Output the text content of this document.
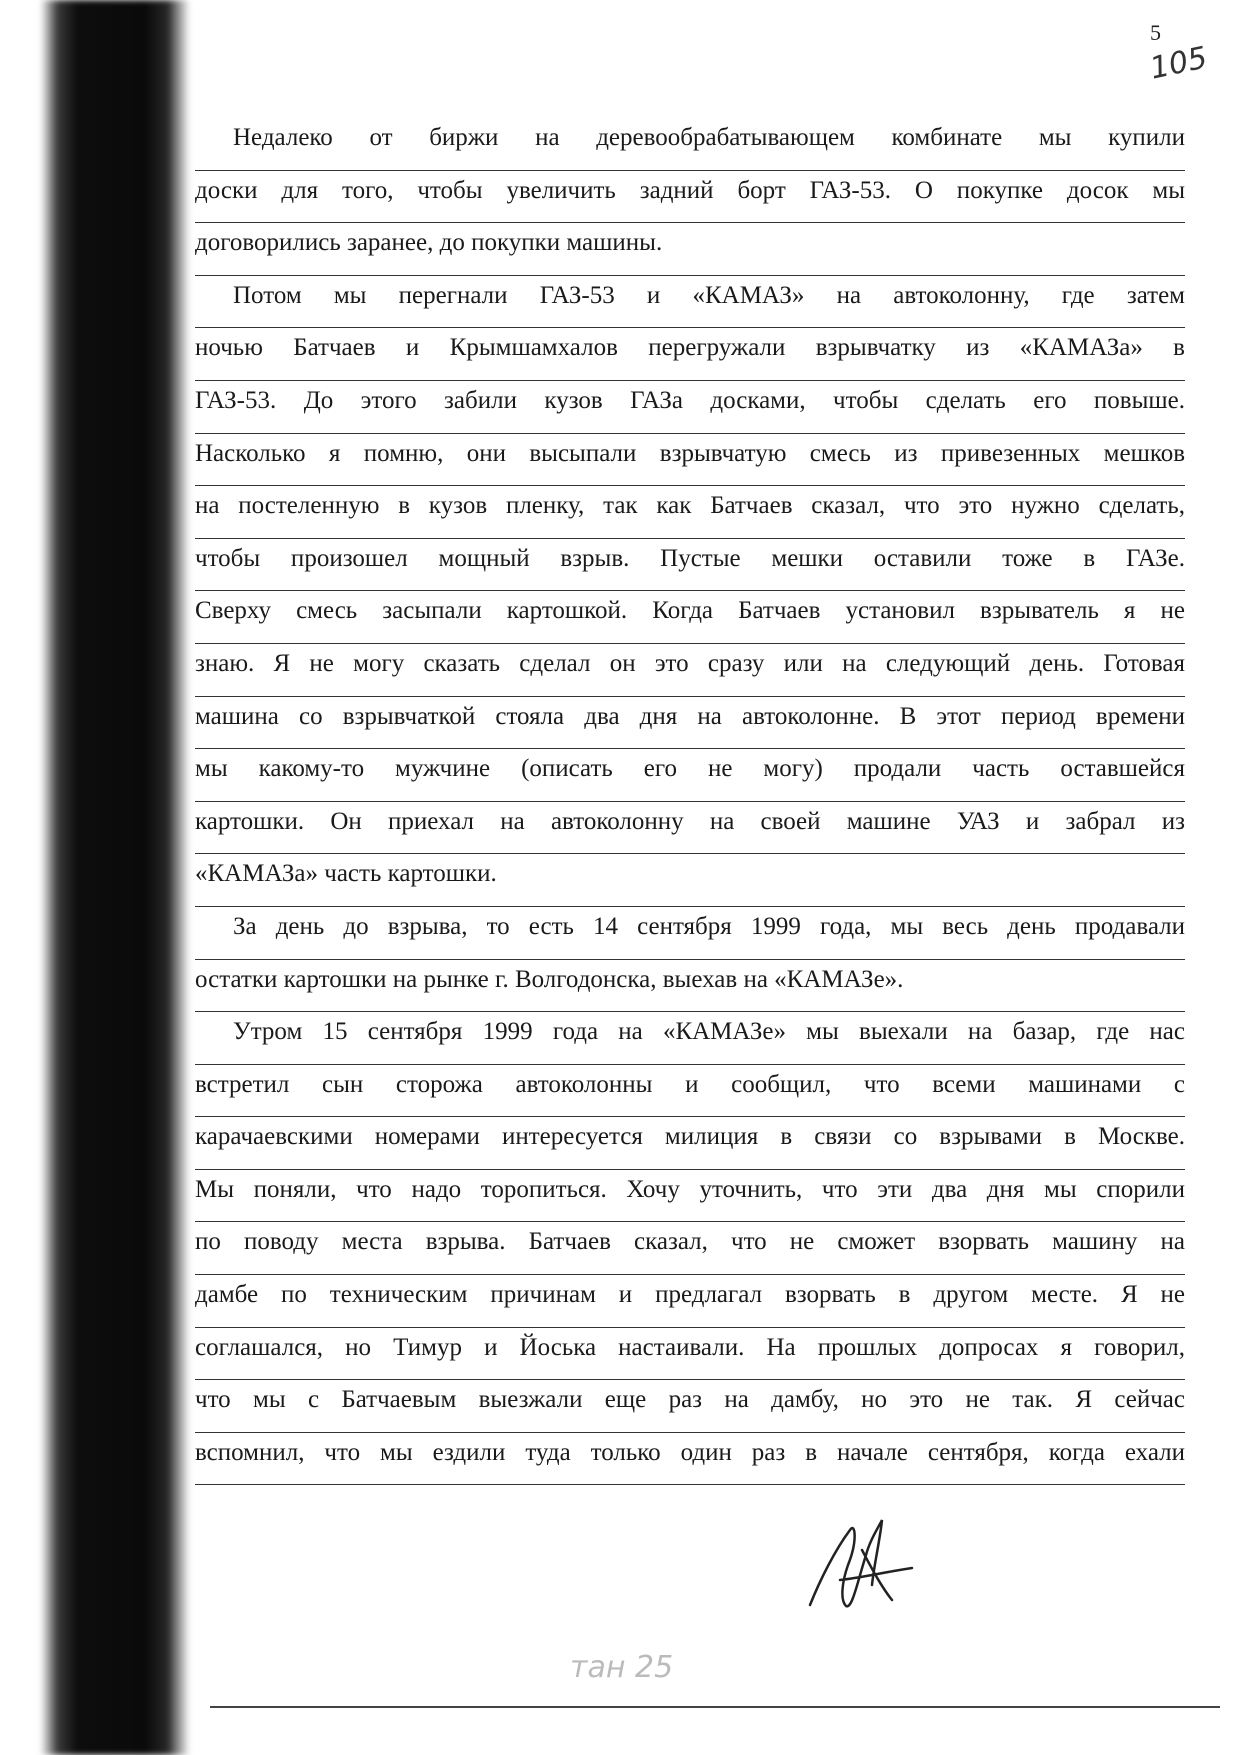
5
105
Недалеко от биржи на деревообрабатывающем комбинате мы купили
доски для того, чтобы увеличить задний борт ГАЗ-53. О покупке досок мы
договорились заранее, до покупки машины.
Потом мы перегнали ГАЗ-53 и «КАМАЗ» на автоколонну, где затем
ночью Батчаев и Крымшамхалов перегружали взрывчатку из «КАМАЗа» в
ГАЗ-53. До этого забили кузов ГАЗа досками, чтобы сделать его повыше.
Насколько я помню, они высыпали взрывчатую смесь из привезенных мешков
на постеленную в кузов пленку, так как Батчаев сказал, что это нужно сделать,
чтобы произошел мощный взрыв. Пустые мешки оставили тоже в ГАЗе.
Сверху смесь засыпали картошкой. Когда Батчаев установил взрыватель я не
знаю. Я не могу сказать сделал он это сразу или на следующий день. Готовая
машина со взрывчаткой стояла два дня на автоколонне. В этот период времени
мы какому-то мужчине (описать его не могу) продали часть оставшейся
картошки. Он приехал на автоколонну на своей машине УАЗ и забрал из
«КАМАЗа» часть картошки.
За день до взрыва, то есть 14 сентября 1999 года, мы весь день продавали
остатки картошки на рынке г. Волгодонска, выехав на «КАМАЗе».
Утром 15 сентября 1999 года на «КАМАЗе» мы выехали на базар, где нас
встретил сын сторожа автоколонны и сообщил, что всеми машинами с
карачаевскими номерами интересуется милиция в связи со взрывами в Москве.
Мы поняли, что надо торопиться. Хочу уточнить, что эти два дня мы спорили
по поводу места взрыва. Батчаев сказал, что не сможет взорвать машину на
дамбе по техническим причинам и предлагал взорвать в другом месте. Я не
соглашался, но Тимур и Йоська настаивали. На прошлых допросах я говорил,
что мы с Батчаевым выезжали еще раз на дамбу, но это не так. Я сейчас
вспомнил, что мы ездили туда только один раз в начале сентября, когда ехали
тан 25
